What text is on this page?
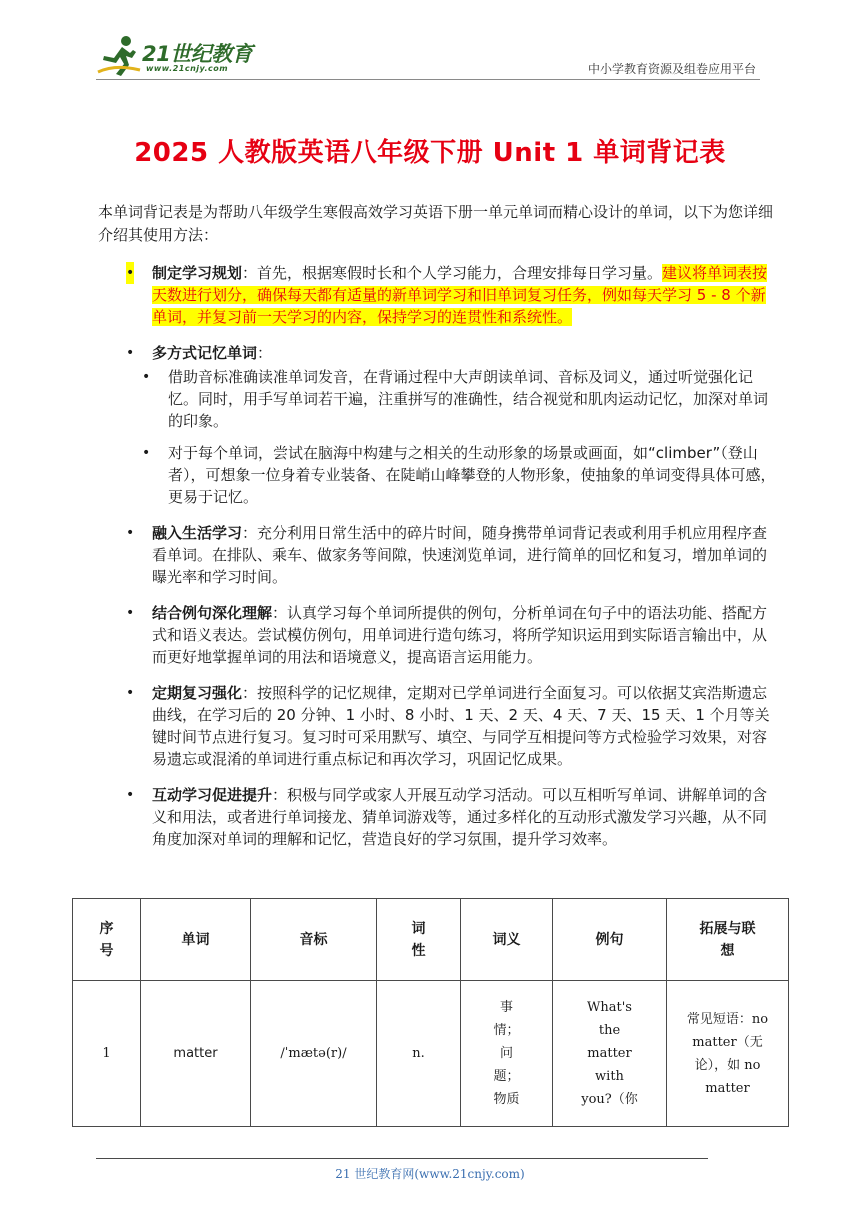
21世纪教育
www.21cnjy.com	中小学教育资源及组卷应用平台
2025 人教版英语八年级下册 Unit 1 单词背记表

本单词背记表是为帮助八年级学生寒假高效学习英语下册一单元单词而精心设计的单词，以下为您详细介绍其使用方法：

• 制定学习规划：首先，根据寒假时长和个人学习能力，合理安排每日学习量。建议将单词表按天数进行划分，确保每天都有适量的新单词学习和旧单词复习任务，例如每天学习 5 - 8 个新单词，并复习前一天学习的内容，保持学习的连贯性和系统性。
• 多方式记忆单词：
• 借助音标准确读准单词发音，在背诵过程中大声朗读单词、音标及词义，通过听觉强化记忆。同时，用手写单词若干遍，注重拼写的准确性，结合视觉和肌肉运动记忆，加深对单词的印象。
• 对于每个单词，尝试在脑海中构建与之相关的生动形象的场景或画面，如“climber”（登山者），可想象一位身着专业装备、在陡峭山峰攀登的人物形象，使抽象的单词变得具体可感，更易于记忆。
• 融入生活学习：充分利用日常生活中的碎片时间，随身携带单词背记表或利用手机应用程序查看单词。在排队、乘车、做家务等间隙，快速浏览单词，进行简单的回忆和复习，增加单词的曝光率和学习时间。
• 结合例句深化理解：认真学习每个单词所提供的例句，分析单词在句子中的语法功能、搭配方式和语义表达。尝试模仿例句，用单词进行造句练习，将所学知识运用到实际语言输出中，从而更好地掌握单词的用法和语境意义，提高语言运用能力。
• 定期复习强化：按照科学的记忆规律，定期对已学单词进行全面复习。可以依据艾宾浩斯遗忘曲线，在学习后的 20 分钟、1 小时、8 小时、1 天、2 天、4 天、7 天、15 天、1 个月等关键时间节点进行复习。复习时可采用默写、填空、与同学互相提问等方式检验学习效果，对容易遗忘或混淆的单词进行重点标记和再次学习，巩固记忆成果。
• 互动学习促进提升：积极与同学或家人开展互动学习活动。可以互相听写单词、讲解单词的含义和用法，或者进行单词接龙、猜单词游戏等，通过多样化的互动形式激发学习兴趣，从不同角度加深对单词的理解和记忆，营造良好的学习氛围，提升学习效率。
序号	单词	音标	词性	词义	例句	拓展与联想

1	matter	/ˈmætə(r)/	n.	事情；问题；物质	What's the matter with you?（你	常见短语：no matter（无论），如 no matter
21 世纪教育网(www.21cnjy.com)
